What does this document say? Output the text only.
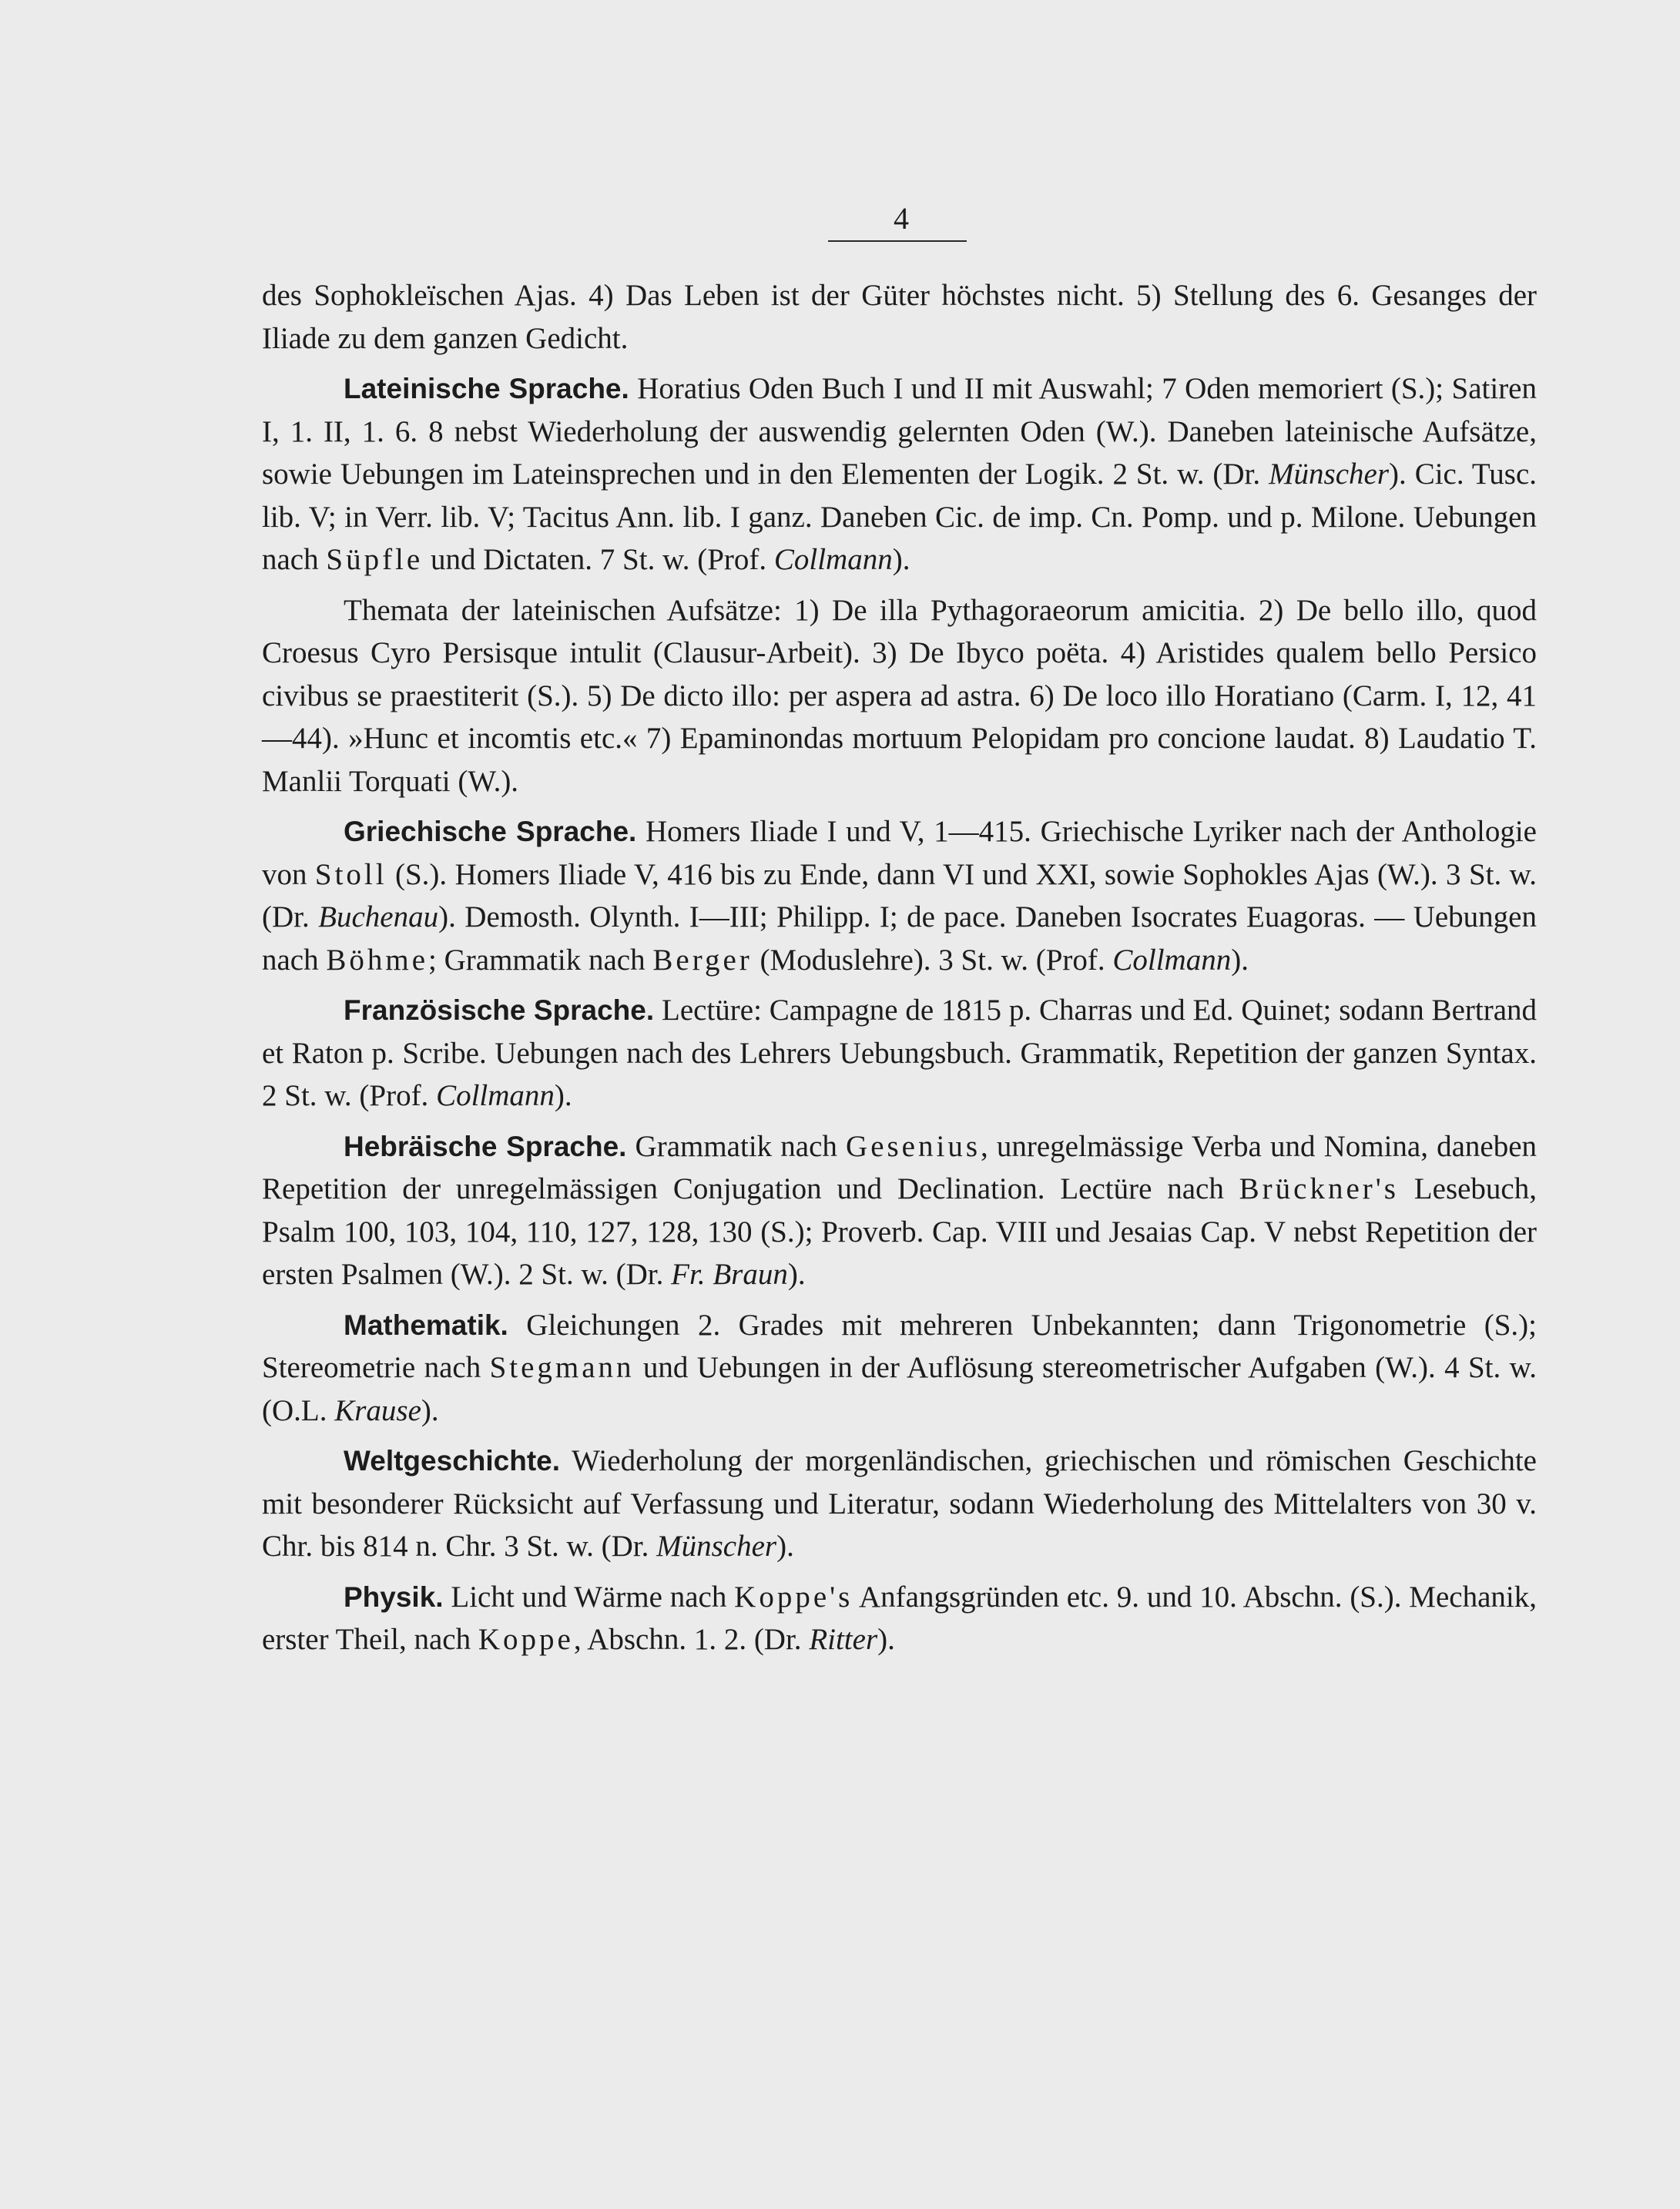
4

des Sophokleïschen Ajas. 4) Das Leben ist der Güter höchstes nicht. 5) Stellung des 6. Gesanges der Iliade zu dem ganzen Gedicht.

Lateinische Sprache. Horatius Oden Buch I und II mit Auswahl; 7 Oden memoriert (S.); Satiren I, 1. II, 1. 6. 8 nebst Wiederholung der auswendig gelernten Oden (W.). Daneben lateinische Aufsätze, sowie Uebungen im Lateinsprechen und in den Elementen der Logik. 2 St. w. (Dr. Münscher). Cic. Tusc. lib. V; in Verr. lib. V; Tacitus Ann. lib. I ganz. Daneben Cic. de imp. Cn. Pomp. und p. Milone. Uebungen nach Süpfle und Dictaten. 7 St. w. (Prof. Collmann).

Themata der lateinischen Aufsätze: 1) De illa Pythagoraeorum amicitia. 2) De bello illo, quod Croesus Cyro Persisque intulit (Clausur-Arbeit). 3) De Ibyco poëta. 4) Aristides qualem bello Persico civibus se praestiterit (S.). 5) De dicto illo: per aspera ad astra. 6) De loco illo Horatiano (Carm. I, 12, 41—44). »Hunc et incomtis etc.« 7) Epaminondas mortuum Pelopidam pro concione laudat. 8) Laudatio T. Manlii Torquati (W.).

Griechische Sprache. Homers Iliade I und V, 1—415. Griechische Lyriker nach der Anthologie von Stoll (S.). Homers Iliade V, 416 bis zu Ende, dann VI und XXI, sowie Sophokles Ajas (W.). 3 St. w. (Dr. Buchenau). Demosth. Olynth. I—III; Philipp. I; de pace. Daneben Isocrates Euagoras. — Uebungen nach Böhme; Grammatik nach Berger (Moduslehre). 3 St. w. (Prof. Collmann).

Französische Sprache. Lectüre: Campagne de 1815 p. Charras und Ed. Quinet; sodann Bertrand et Raton p. Scribe. Uebungen nach des Lehrers Uebungsbuch. Grammatik, Repetition der ganzen Syntax. 2 St. w. (Prof. Collmann).

Hebräische Sprache. Grammatik nach Gesenius, unregelmässige Verba und Nomina, daneben Repetition der unregelmässigen Conjugation und Declination. Lectüre nach Brückner's Lesebuch, Psalm 100, 103, 104, 110, 127, 128, 130 (S.); Proverb. Cap. VIII und Jesaias Cap. V nebst Repetition der ersten Psalmen (W.). 2 St. w. (Dr. Fr. Braun).

Mathematik. Gleichungen 2. Grades mit mehreren Unbekannten; dann Trigonometrie (S.); Stereometrie nach Stegmann und Uebungen in der Auflösung stereometrischer Aufgaben (W.). 4 St. w. (O.L. Krause).

Weltgeschichte. Wiederholung der morgenländischen, griechischen und römischen Geschichte mit besonderer Rücksicht auf Verfassung und Literatur, sodann Wiederholung des Mittelalters von 30 v. Chr. bis 814 n. Chr. 3 St. w. (Dr. Münscher).

Physik. Licht und Wärme nach Koppe's Anfangsgründen etc. 9. und 10. Abschn. (S.). Mechanik, erster Theil, nach Koppe, Abschn. 1. 2. (Dr. Ritter).
